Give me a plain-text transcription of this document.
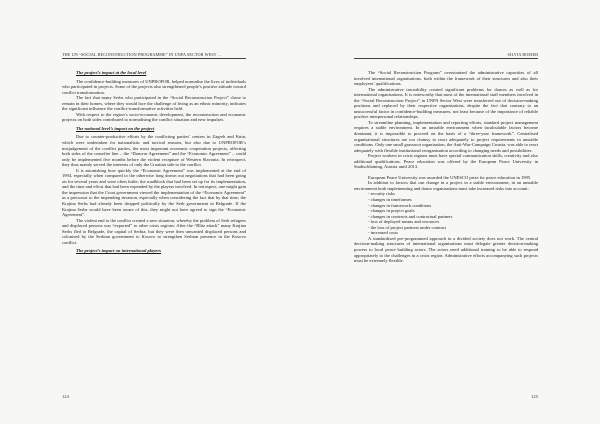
THE UN “SOCIAL RECONSTRUCTION PROGRAMME” IN UNPA SECTOR WEST ...
The project’s impact at the local level

The confidence-building measures of UNPROFOR, helped normalise the lives of individuals who participated in projects. Some of the projects also strengthened people’s positive attitude toward conflict transformation.

The fact that many Serbs who participated in the “Social Reconstruction Project” chose to remain in their homes, where they would face the challenge of living as an ethnic minority, indicates the significant influence the conflict-transformative activities held.

With respect to the region’s socio-economic development, the reconstruction and economic projects on both sides contributed to normalising the conflict situation and new impulses.

The national level’s impact on the project

Due to counter-productive efforts by the conflicting parties’ centres in Zagreb and Knin, which were undertaken for nationalistic and tactical reasons, but also due to UNPROFOR’s misjudgement of the conflict parties, the most important economic cooperation projects, affecting both sides of the ceasefire line – the “Daruvar Agreement” and the “Economic Agreement” – could only be implemented five months before the violent recapture of Western Slavonia. In retrospect, they thus mainly served the interests of only the Croatian side to the conflict.

It is astonishing how quickly the “Economic Agreement” was implemented at the end of 1994, especially when compared to the otherwise long drawn out negotiations that had been going on for several years and were often futile; the roadblock that had been set up for its implementation, and the time and effort that had been expended by the players involved. In retrospect, one might gain the impression that the Croat government viewed the implementation of the “Economic Agreement” as a precursor to the impending invasion, especially when considering the fact that by that time, the Krajina Serbs had already been dropped politically by the Serb government in Belgrade. If the Krajina Serbs would have been aware of this, they might not have agreed to sign the “Economic Agreement”.

The violent end to the conflict created a new situation, whereby the problem of Serb refugees and displaced persons was “exported” to other crisis regions: After the “Blitz attack” many Krajina Serbs fled to Belgrade, the capital of Serbia, but they were then unwanted displaced persons and colonised by the Serbian government to Kosovo to strengthen Serbian presence in the Kosovo conflict.

The project’s impact on international players
124
SILVIA BOEHM

The “Social Reconstruction Program” overstrained the administrative capacities of all involved international organisations, both within the framework of their structures and also their employees’ qualifications.

The administrative traceability created significant problems for donors as well as for international organisations. It is noteworthy that most of the international staff members involved in the “Social Reconstruction Project” in UNPA Sector West were transferred out of decision-making positions and replaced by their respective organisations, despite the fact that contrary to an unsuccessful factor in confidence-building measures, not least because of the importance of reliable positive interpersonal relationships.

To streamline planning, implementation and reporting efforts, standard project management requires a stable environment. In an unstable environment when incalculable factors become dominant, it is impossible to proceed on the basis of a “three-year framework”. Centralised organisational structures are too clumsy to react adequately to project requirements in unstable conditions. Only one small grassroot organisation, the Anti-War-Campaign Croatia, was able to react adequately with flexible institutional reorganisation according to changing needs and possibilities.

Project workers in crisis regions must have special communication skills, creativity and also additional qualifications. Peace education was offered by the European Peace University in Stadtschlaining, Austria until 2013.

European Peace University was awarded the UNESCO prize for peace education in 1995.

In addition to factors that can change in a project in a stable environment, in an unstable environment both implementing and donor organisations must take increased risks into account:

- security risks
- changes in timeframes
- changes in framework conditions
- changes in project goals
- changes in contracts and contractual partners
- loss of deployed means and resources
- the loss of project partners under contract
- increased costs

A standardised pre-programmed approach in a divided society does not work. The central decision-making structures of international organisations must delegate greater decision-making powers to local peace building actors. The actors need additional training to be able to respond appropriately to the challenges in a crisis region. Administrative efforts accompanying such projects must be extremely flexible.

125
